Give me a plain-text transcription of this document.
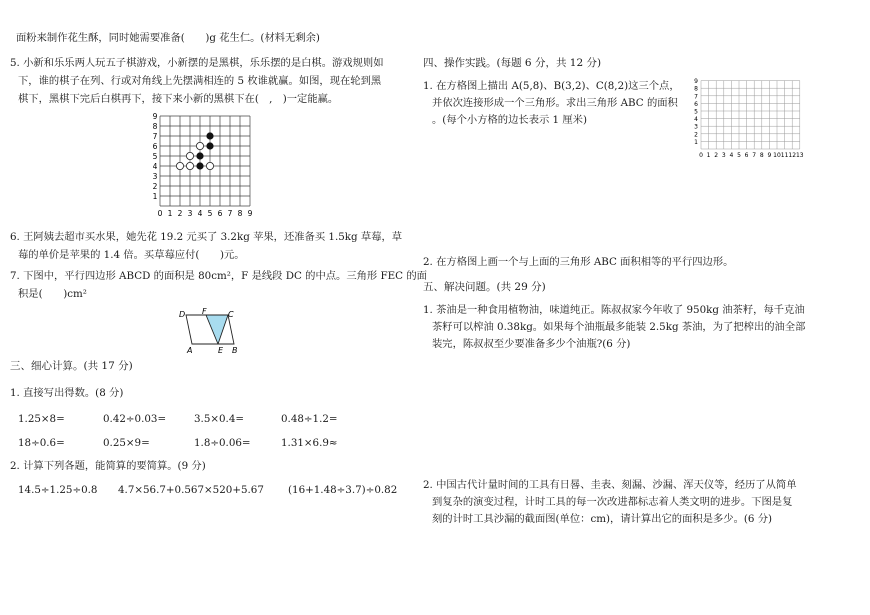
面粉来制作花生酥，同时她需要准备(　　)g 花生仁。(材料无剩余)
5. 小新和乐乐两人玩五子棋游戏，小新摆的是黑棋，乐乐摆的是白棋。游戏规则如
下，谁的棋子在列、行或对角线上先摆满相连的 5 枚谁就赢。如图，现在轮到黑
棋下，黑棋下完后白棋再下，接下来小新的黑棋下在(　,　)一定能赢。
0 1 2 3 4 5 6 7 8 9
1
2
3
4
5
6
7
8
9
6. 王阿姨去超市买水果，她先花 19.2 元买了 3.2kg 苹果，还准备买 1.5kg 草莓，草
莓的单价是苹果的 1.4 倍。买草莓应付(　　)元。
7. 下图中，平行四边形 ABCD 的面积是 80cm²，F 是线段 DC 的中点。三角形 FEC 的面
积是(　　)cm²
D F	C
A	E B
三、细心计算。(共 17 分)
1. 直接写出得数。(8 分)
1.25×8=	0.42÷0.03=	3.5×0.4=	0.48÷1.2=
18÷0.6=	0.25×9=	1.8÷0.06=	1.31×6.9≈
2. 计算下列各题，能简算的要简算。(9 分)
14.5÷1.25÷0.8 4.7×56.7+0.567×520+5.67 (16+1.48÷3.7)÷0.82
四、操作实践。(每题 6 分，共 12 分)
1. 在方格图上描出 A(5,8)、B(3,2)、C(8,2)这三个点，
并依次连接形成一个三角形。求出三角形 ABC 的面积
。(每个小方格的边长表示 1 厘米)
0 1 2 3 4 5 6 7 8 9 10 11 12 13
1
2
3
4
5
6
7
8
9
2. 在方格图上画一个与上面的三角形 ABC 面积相等的平行四边形。
五、解决问题。(共 29 分)
1. 茶油是一种食用植物油，味道纯正。陈叔叔家今年收了 950kg 油茶籽，每千克油
茶籽可以榨油 0.38kg。如果每个油瓶最多能装 2.5kg 茶油，为了把榨出的油全部
装完，陈叔叔至少要准备多少个油瓶?(6 分)
2. 中国古代计量时间的工具有日晷、圭表、刻漏、沙漏、浑天仪等，经历了从简单
到复杂的演变过程，计时工具的每一次改进都标志着人类文明的进步。下图是复
刻的计时工具沙漏的截面图(单位：cm)，请计算出它的面积是多少。(6 分)
